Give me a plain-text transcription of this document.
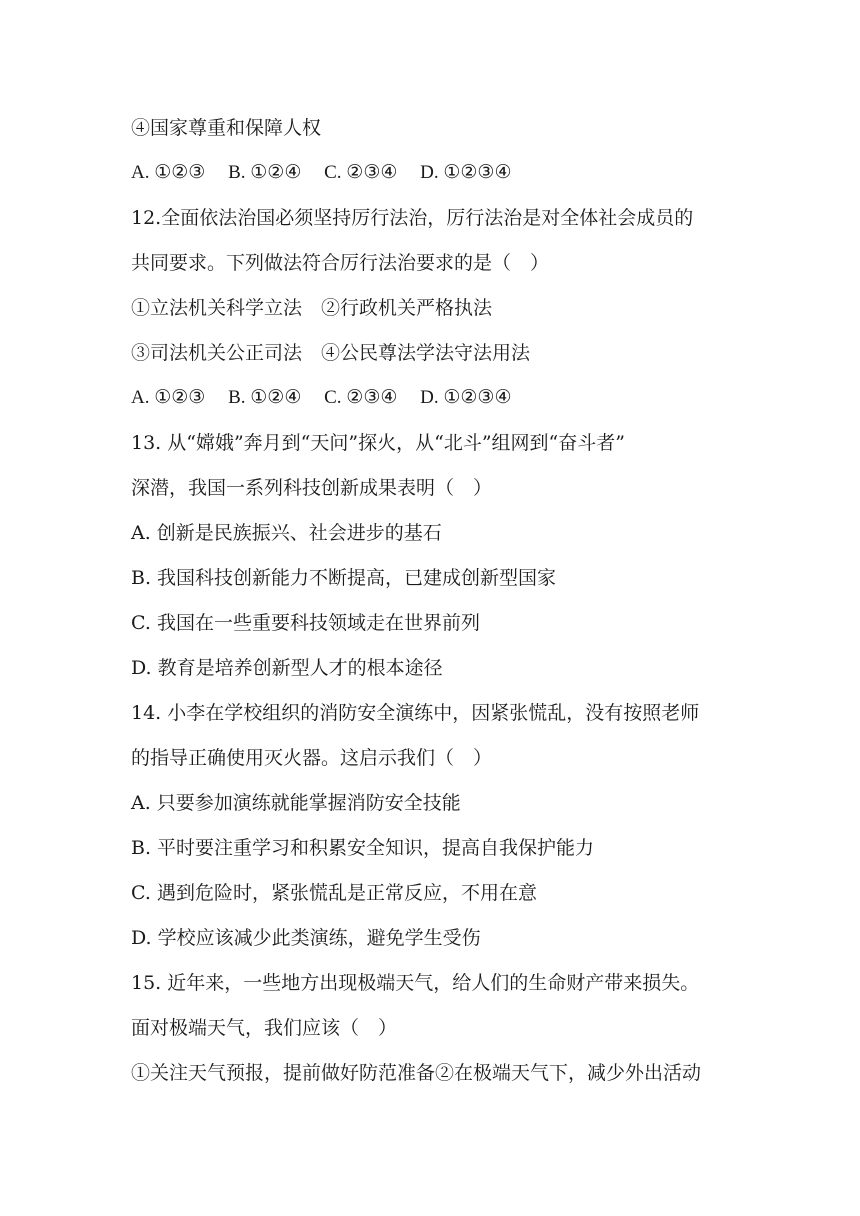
④国家尊重和保障人权
A. ①②③ B. ①②④ C. ②③④ D. ①②③④
12.全面依法治国必须坚持厉行法治，厉行法治是对全体社会成员的
共同要求。下列做法符合厉行法治要求的是（　）
①立法机关科学立法　②行政机关严格执法
③司法机关公正司法　④公民尊法学法守法用法
A. ①②③ B. ①②④ C. ②③④ D. ①②③④
13. 从“嫦娥”奔月到“天问”探火，从“北斗”组网到“奋斗者”
深潜，我国一系列科技创新成果表明（　）
A. 创新是民族振兴、社会进步的基石
B. 我国科技创新能力不断提高，已建成创新型国家
C. 我国在一些重要科技领域走在世界前列
D. 教育是培养创新型人才的根本途径
14. 小李在学校组织的消防安全演练中，因紧张慌乱，没有按照老师
的指导正确使用灭火器。这启示我们（　）
A. 只要参加演练就能掌握消防安全技能
B. 平时要注重学习和积累安全知识，提高自我保护能力
C. 遇到危险时，紧张慌乱是正常反应，不用在意
D. 学校应该减少此类演练，避免学生受伤
15. 近年来，一些地方出现极端天气，给人们的生命财产带来损失。
面对极端天气，我们应该（　）
①关注天气预报，提前做好防范准备②在极端天气下，减少外出活动
